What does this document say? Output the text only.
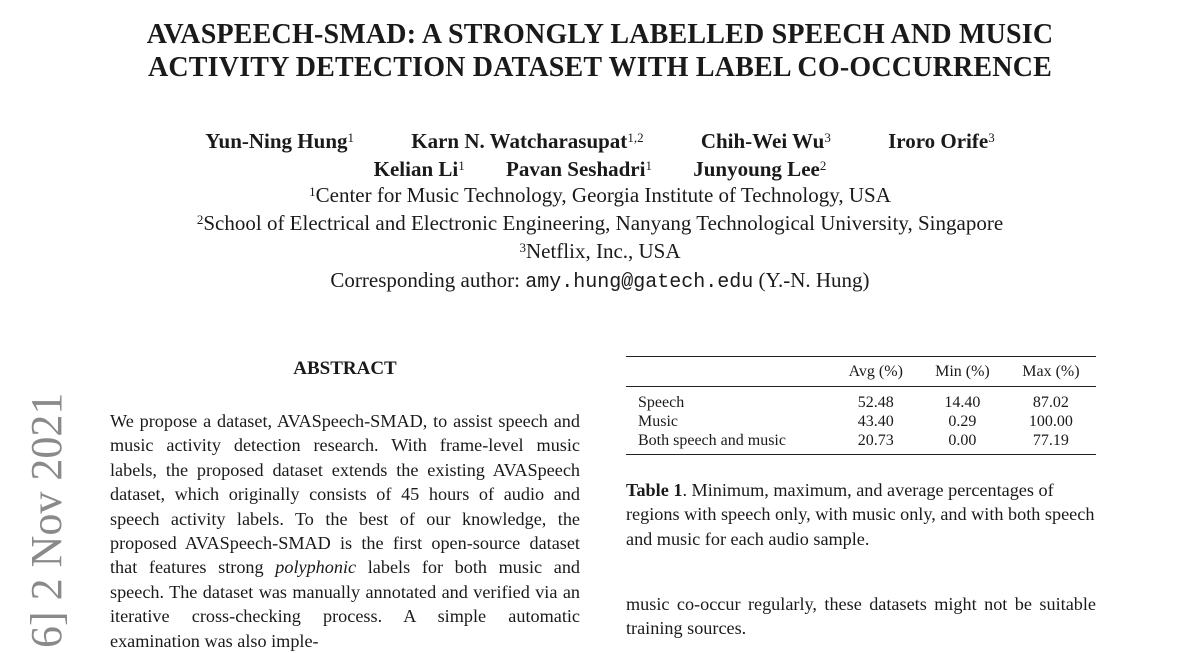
AVASPEECH-SMAD: A STRONGLY LABELLED SPEECH AND MUSIC
ACTIVITY DETECTION DATASET WITH LABEL CO-OCCURRENCE
Yun-Ning Hung$^1$	Karn N. Watcharasupat$^{1,2}$	Chih-Wei Wu$^3$	Iroro Orife$^3$
Kelian Li$^1$ Pavan Seshadri$^1$ Junyoung Lee$^2$
$^1$Center for Music Technology, Georgia Institute of Technology, USA
$^2$School of Electrical and Electronic Engineering, Nanyang Technological University, Singapore
$^3$Netflix, Inc., USA
Corresponding author: amy.hung@gatech.edu (Y.-N. Hung)
6] 2 Nov 2021
ABSTRACT
We propose a dataset, AVASpeech-SMAD, to assist speech and music activity detection research. With frame-level music labels, the proposed dataset extends the existing AVASpeech dataset, which originally consists of 45 hours of audio and speech activity labels. To the best of our knowledge, the proposed AVASpeech-SMAD is the first open-source dataset that features strong polyphonic labels for both music and speech. The dataset was manually annotated and verified via an iterative cross-checking process. A simple automatic examination was also imple-
	Avg (%)	Min (%)	Max (%)
Speech	52.48	14.40	87.02
Music	43.40	0.29	100.00
Both speech and music	20.73	0.00	77.19
Table 1. Minimum, maximum, and average percentages of regions with speech only, with music only, and with both speech and music for each audio sample.
music co-occur regularly, these datasets might not be suitable training sources.
